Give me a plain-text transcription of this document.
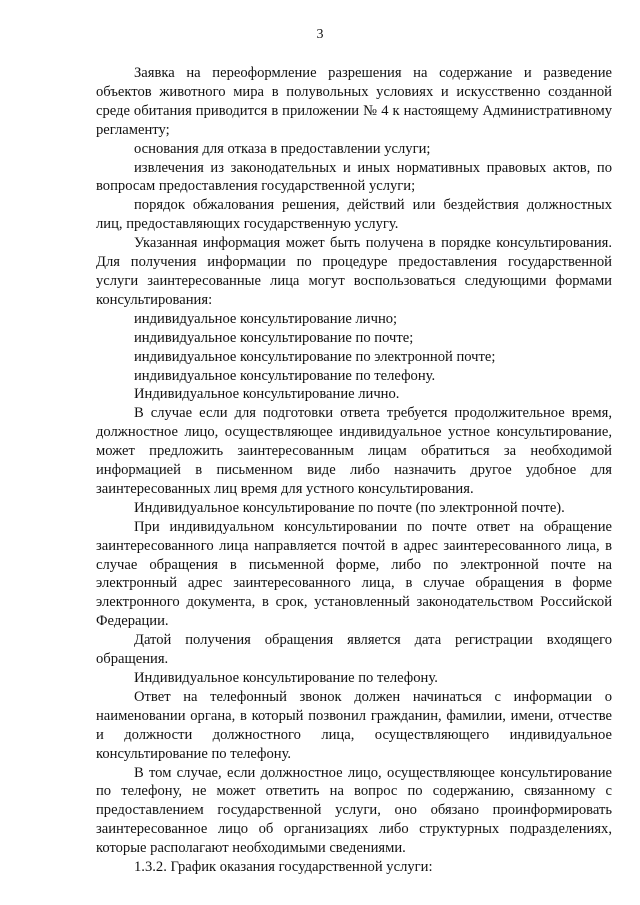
3

Заявка на переоформление разрешения на содержание и разведение объектов животного мира в полувольных условиях и искусственно созданной среде обитания приводится в приложении № 4 к настоящему Административному регламенту;

основания для отказа в предоставлении услуги;

извлечения из законодательных и иных нормативных правовых актов, по вопросам предоставления государственной услуги;

порядок обжалования решения, действий или бездействия должностных лиц, предоставляющих государственную услугу.

Указанная информация может быть получена в порядке консультирования. Для получения информации по процедуре предоставления государственной услуги заинтересованные лица могут воспользоваться следующими формами консультирования:

индивидуальное консультирование лично;

индивидуальное консультирование по почте;

индивидуальное консультирование по электронной почте;

индивидуальное консультирование по телефону.

Индивидуальное консультирование лично.

В случае если для подготовки ответа требуется продолжительное время, должностное лицо, осуществляющее индивидуальное устное консультирование, может предложить заинтересованным лицам обратиться за необходимой информацией в письменном виде либо назначить другое удобное для заинтересованных лиц время для устного консультирования.

Индивидуальное консультирование по почте (по электронной почте).

При индивидуальном консультировании по почте ответ на обращение заинтересованного лица направляется почтой в адрес заинтересованного лица, в случае обращения в письменной форме, либо по электронной почте на электронный адрес заинтересованного лица, в случае обращения в форме электронного документа, в срок, установленный законодательством Российской Федерации.

Датой получения обращения является дата регистрации входящего обращения.

Индивидуальное консультирование по телефону.

Ответ на телефонный звонок должен начинаться с информации о наименовании органа, в который позвонил гражданин, фамилии, имени, отчестве и должности должностного лица, осуществляющего индивидуальное консультирование по телефону.

В том случае, если должностное лицо, осуществляющее консультирование по телефону, не может ответить на вопрос по содержанию, связанному с предоставлением государственной услуги, оно обязано проинформировать заинтересованное лицо об организациях либо структурных подразделениях, которые располагают необходимыми сведениями.

1.3.2. График оказания государственной услуги:
